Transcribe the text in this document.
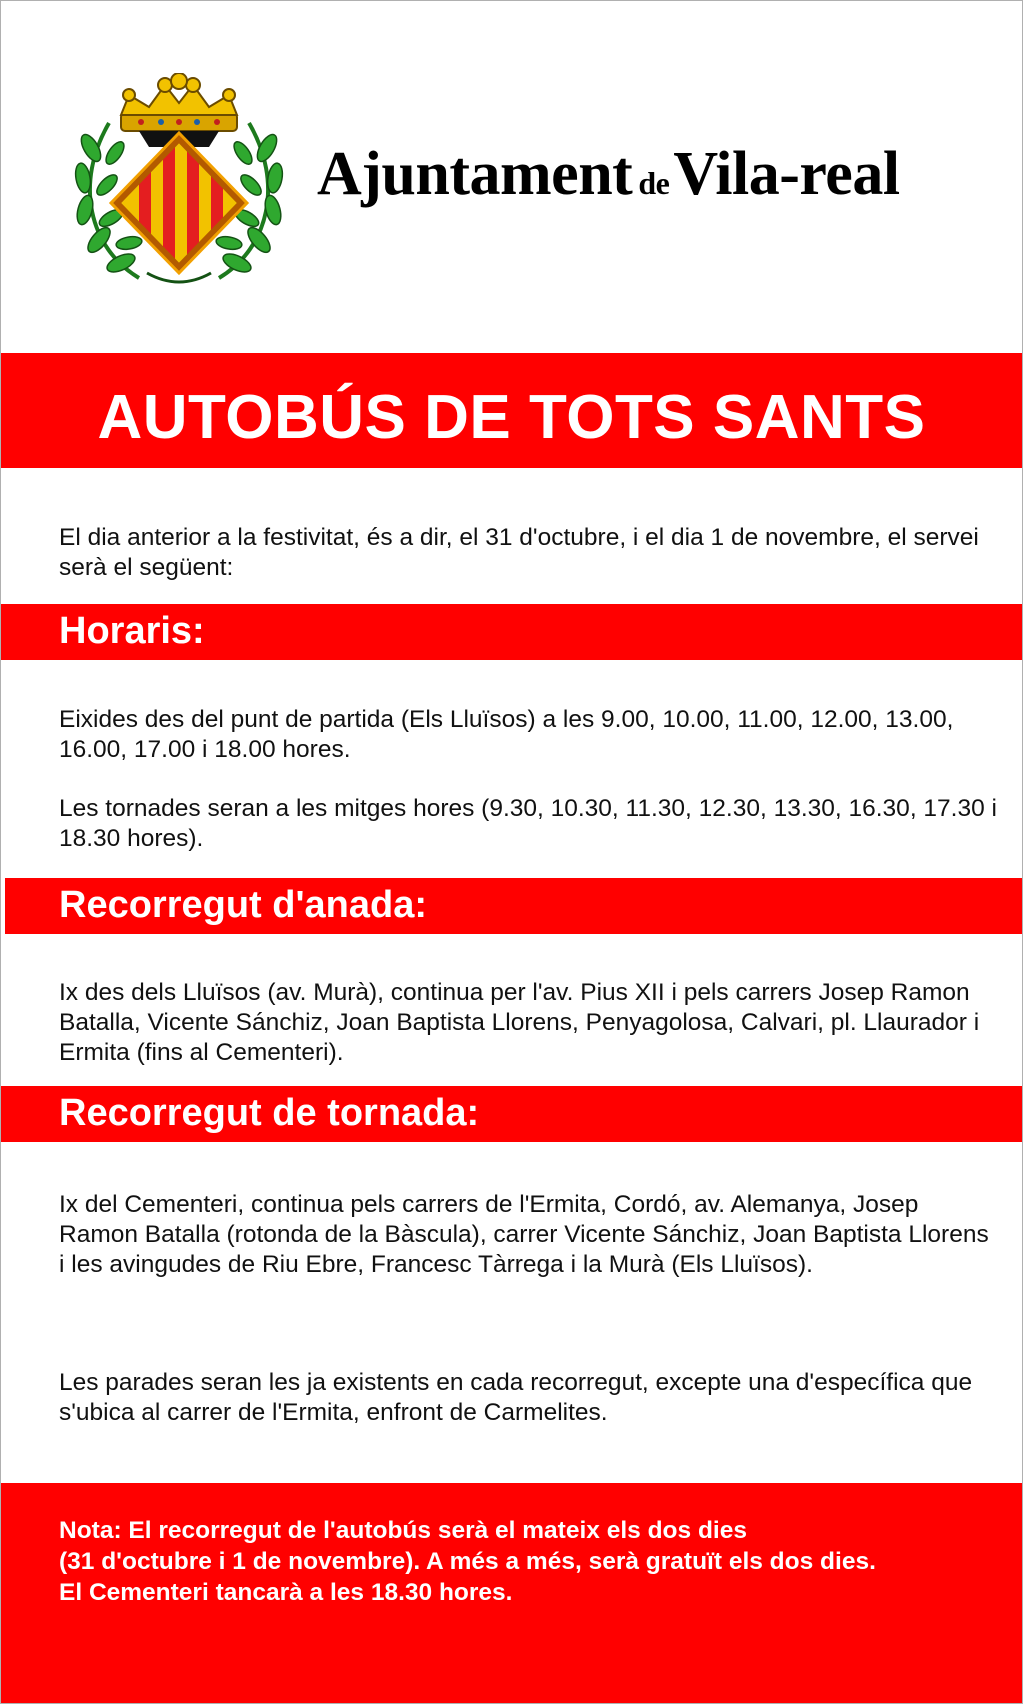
Ajuntament deVila-real
AUTOBÚS DE TOTS SANTS

El dia anterior a la festivitat, és a dir, el 31 d'octubre, i el dia 1 de novembre, el servei serà el següent:

Horaris:

Eixides des del punt de partida (Els Lluïsos) a les 9.00, 10.00, 11.00, 12.00, 13.00, 16.00, 17.00 i 18.00 hores.

Les tornades seran a les mitges hores (9.30, 10.30, 11.30, 12.30, 13.30, 16.30, 17.30 i 18.30 hores).

Recorregut d'anada:

Ix des dels Lluïsos (av. Murà), continua per l'av. Pius XII i pels carrers Josep Ramon Batalla, Vicente Sánchiz, Joan Baptista Llorens, Penyagolosa, Calvari, pl. Llaurador i Ermita (fins al Cementeri).

Recorregut de tornada:

Ix del Cementeri, continua pels carrers de l'Ermita, Cordó, av. Alemanya, Josep Ramon Batalla (rotonda de la Bàscula), carrer Vicente Sánchiz, Joan Baptista Llorens i les avingudes de Riu Ebre, Francesc Tàrrega i la Murà (Els Lluïsos).

Les parades seran les ja existents en cada recorregut, excepte una d'específica que s'ubica al carrer de l'Ermita, enfront de Carmelites.

Nota: El recorregut de l'autobús serà el mateix els dos dies
(31 d'octubre i 1 de novembre). A més a més, serà gratuït els dos dies.
El Cementeri tancarà a les 18.30 hores.
